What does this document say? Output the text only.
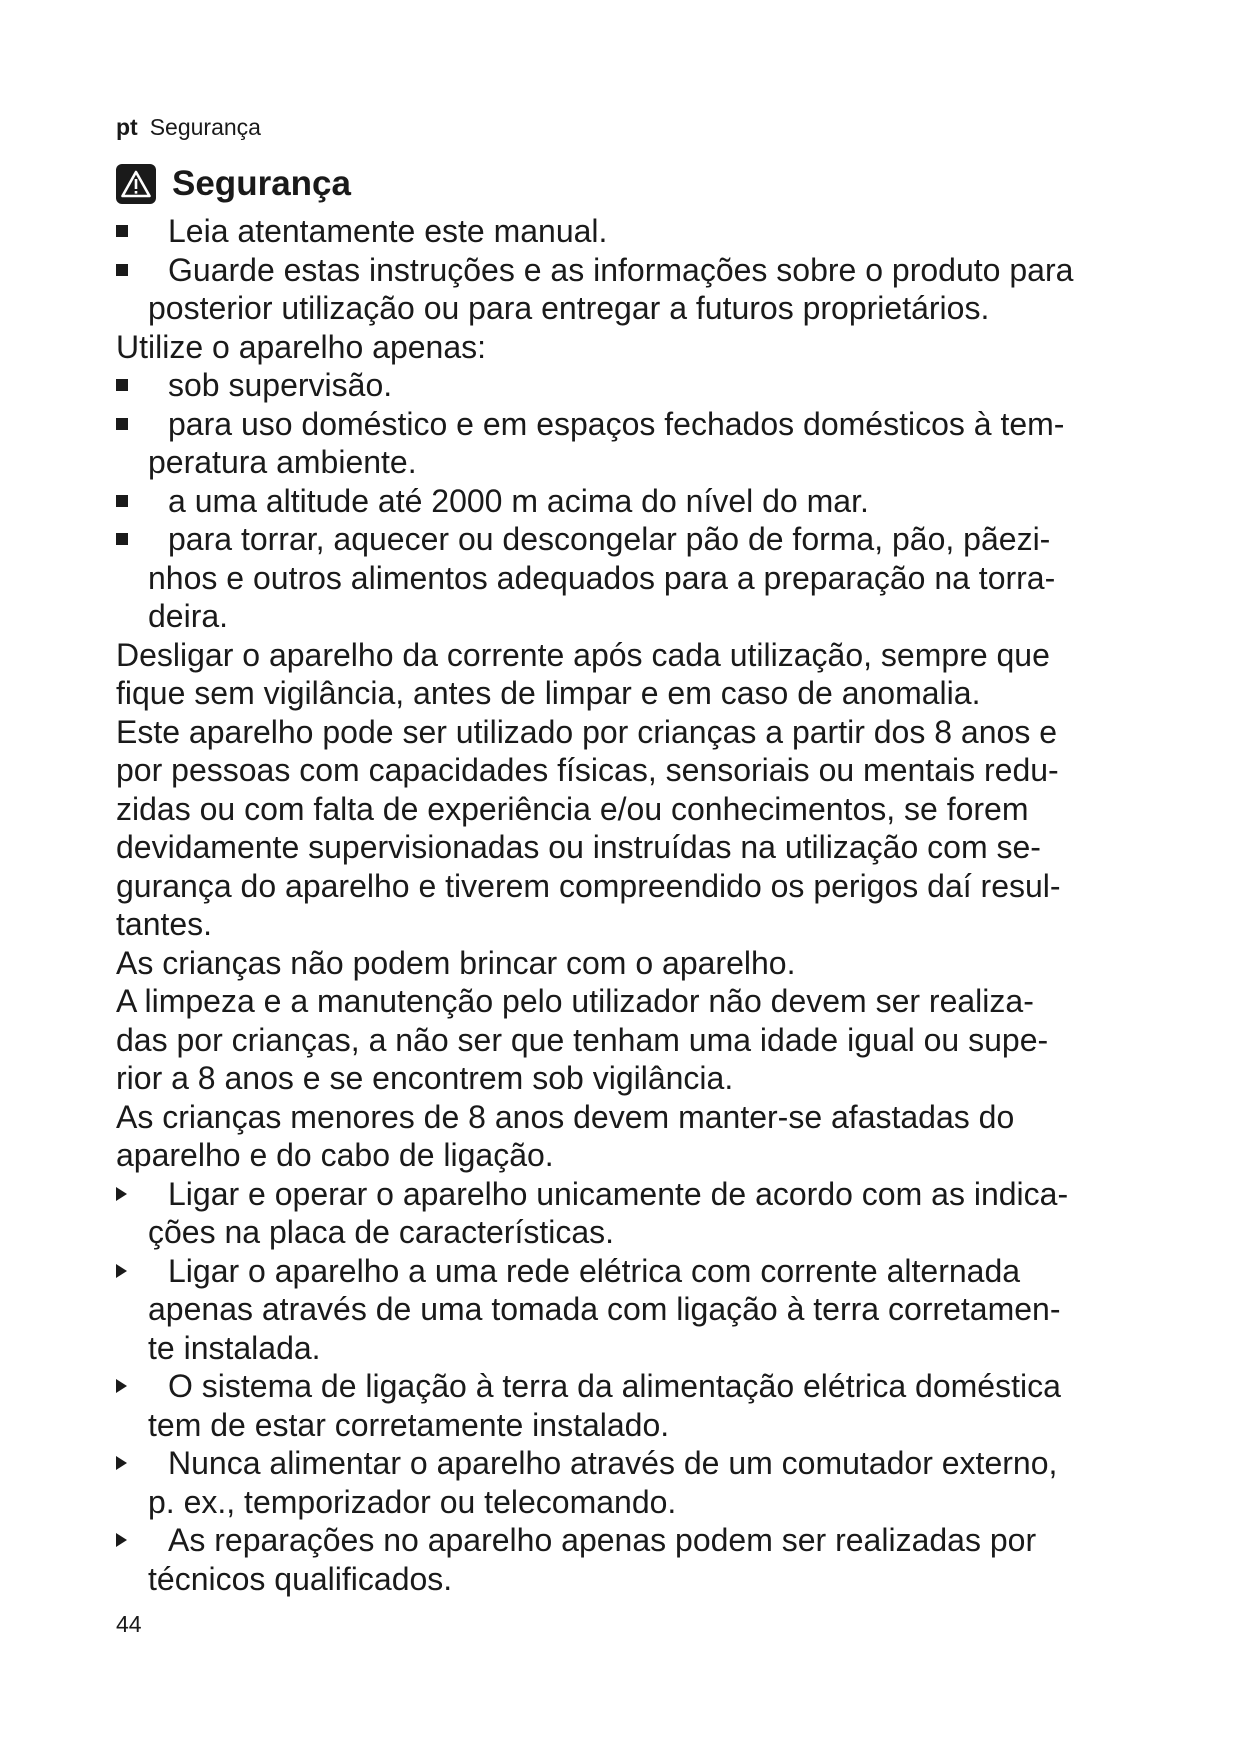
pt Segurança
Segurança
Leia atentamente este manual.
Guarde estas instruções e as informações sobre o produto para
posterior utilização ou para entregar a futuros proprietários.

Utilize o aparelho apenas:

sob supervisão.
para uso doméstico e em espaços fechados domésticos à tem-
peratura ambiente.
a uma altitude até 2000 m acima do nível do mar.
para torrar, aquecer ou descongelar pão de forma, pão, pãezi-
nhos e outros alimentos adequados para a preparação na torra-
deira.

Desligar o aparelho da corrente após cada utilização, sempre que
fique sem vigilância, antes de limpar e em caso de anomalia.

Este aparelho pode ser utilizado por crianças a partir dos 8 anos e
por pessoas com capacidades físicas, sensoriais ou mentais redu-
zidas ou com falta de experiência e/ou conhecimentos, se forem
devidamente supervisionadas ou instruídas na utilização com se-
gurança do aparelho e tiverem compreendido os perigos daí resul-
tantes.

As crianças não podem brincar com o aparelho.

A limpeza e a manutenção pelo utilizador não devem ser realiza-
das por crianças, a não ser que tenham uma idade igual ou supe-
rior a 8 anos e se encontrem sob vigilância.

As crianças menores de 8 anos devem manter-se afastadas do
aparelho e do cabo de ligação.

Ligar e operar o aparelho unicamente de acordo com as indica-
ções na placa de características.
Ligar o aparelho a uma rede elétrica com corrente alternada
apenas através de uma tomada com ligação à terra corretamen-
te instalada.
O sistema de ligação à terra da alimentação elétrica doméstica
tem de estar corretamente instalado.
Nunca alimentar o aparelho através de um comutador externo,
p. ex., temporizador ou telecomando.
As reparações no aparelho apenas podem ser realizadas por
técnicos qualificados.
44
